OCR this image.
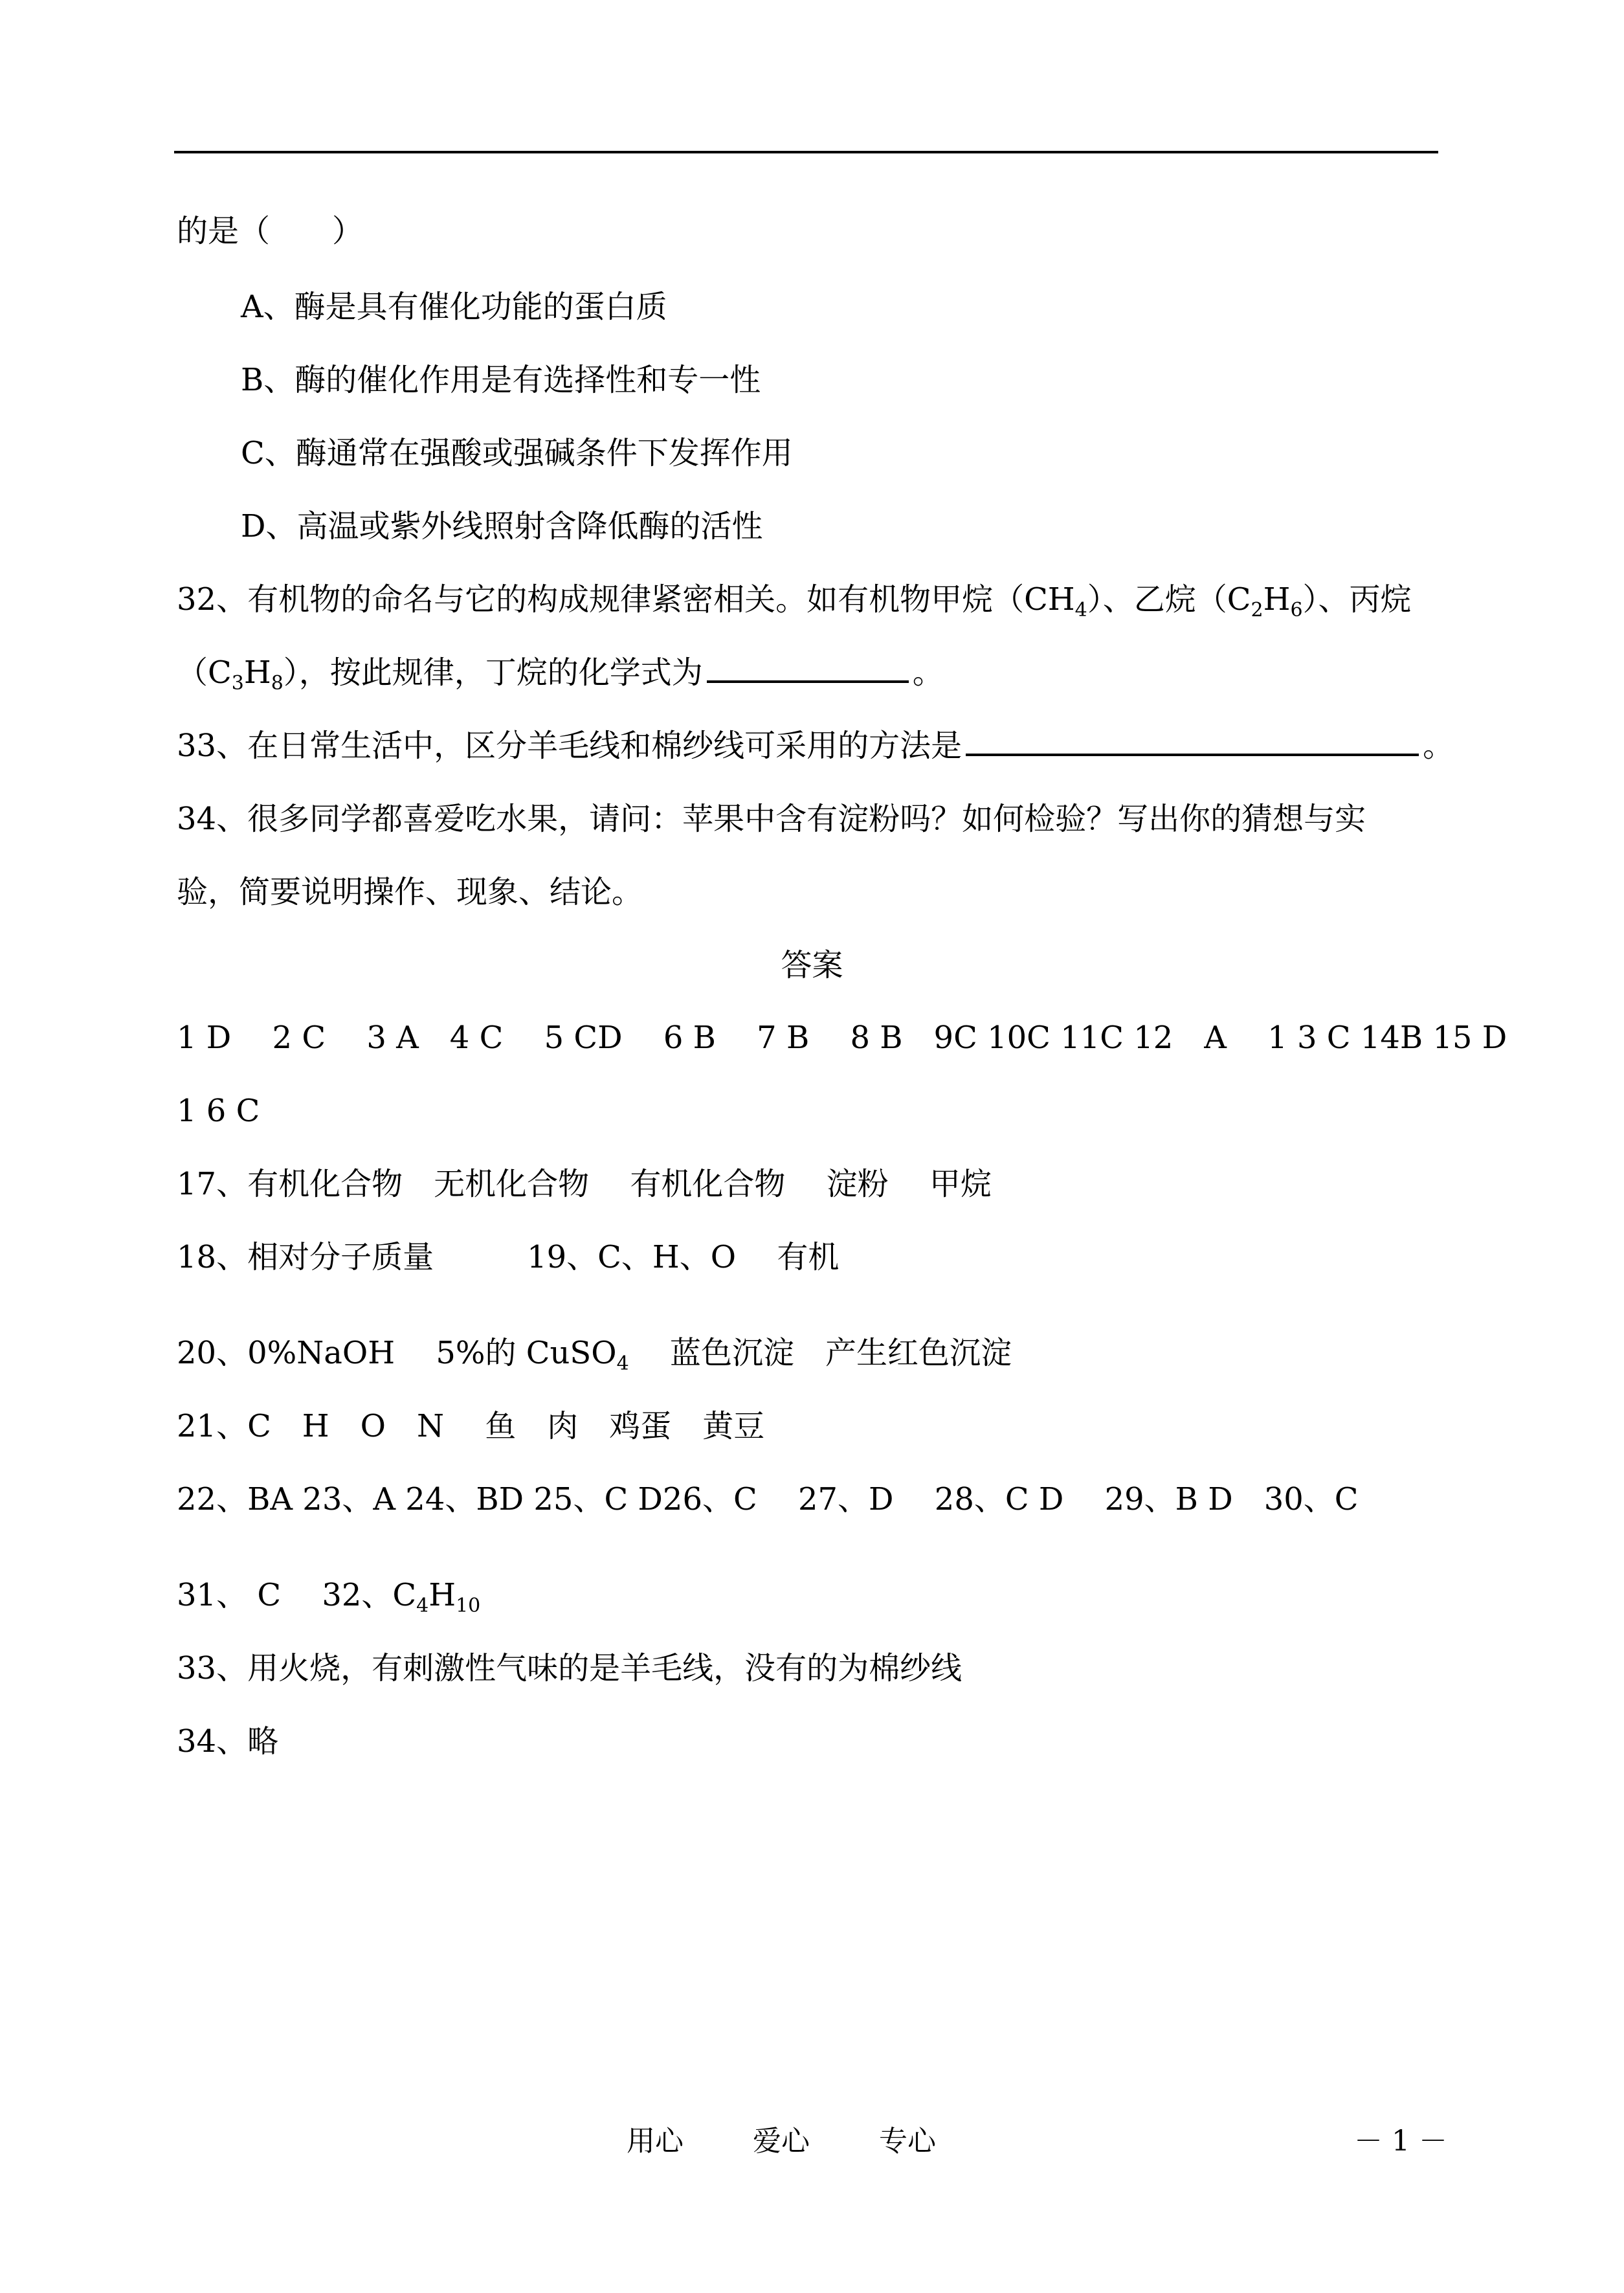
的是（　　）
A、酶是具有催化功能的蛋白质
B、酶的催化作用是有选择性和专一性
C、酶通常在强酸或强碱条件下发挥作用
D、高温或紫外线照射含降低酶的活性
32、有机物的命名与它的构成规律紧密相关。如有机物甲烷$(CH_4)$、乙烷$(C_2H_6)$、丙烷
$(C_3H_8)$，按此规律，丁烷的化学式为	。
33、在日常生活中，区分羊毛线和棉纱线可采用的方法是	。
34、很多同学都喜爱吃水果，请问：苹果中含有淀粉吗？如何检验？写出你的猜想与实
验，简要说明操作、现象、结论。
答案
1 D　 2 C　 3 A　4 C　 5 CD　 6 B　 7 B　 8 B　9C 10C 11C 12　A　 1 3 C 14B 15 D
1 6 C
17、有机化合物　无机化合物　 有机化合物　 淀粉　 甲烷
18、相对分子质量　　　19、C、H、O　 有机
20、0%NaOH　 5%的 CuSO$_4$　 蓝色沉淀　产生红色沉淀
21、C　H　O　N　 鱼　肉　鸡蛋　黄豆
22、BA 23、A 24、BD 25、C D26、C　 27、D　 28、C D　 29、B D　30、C
31、 C　 32、$C_4H_{10}$
33、用火烧，有刺激性气味的是羊毛线，没有的为棉纱线
34、略
用心 爱心 专心	－ 1 －
